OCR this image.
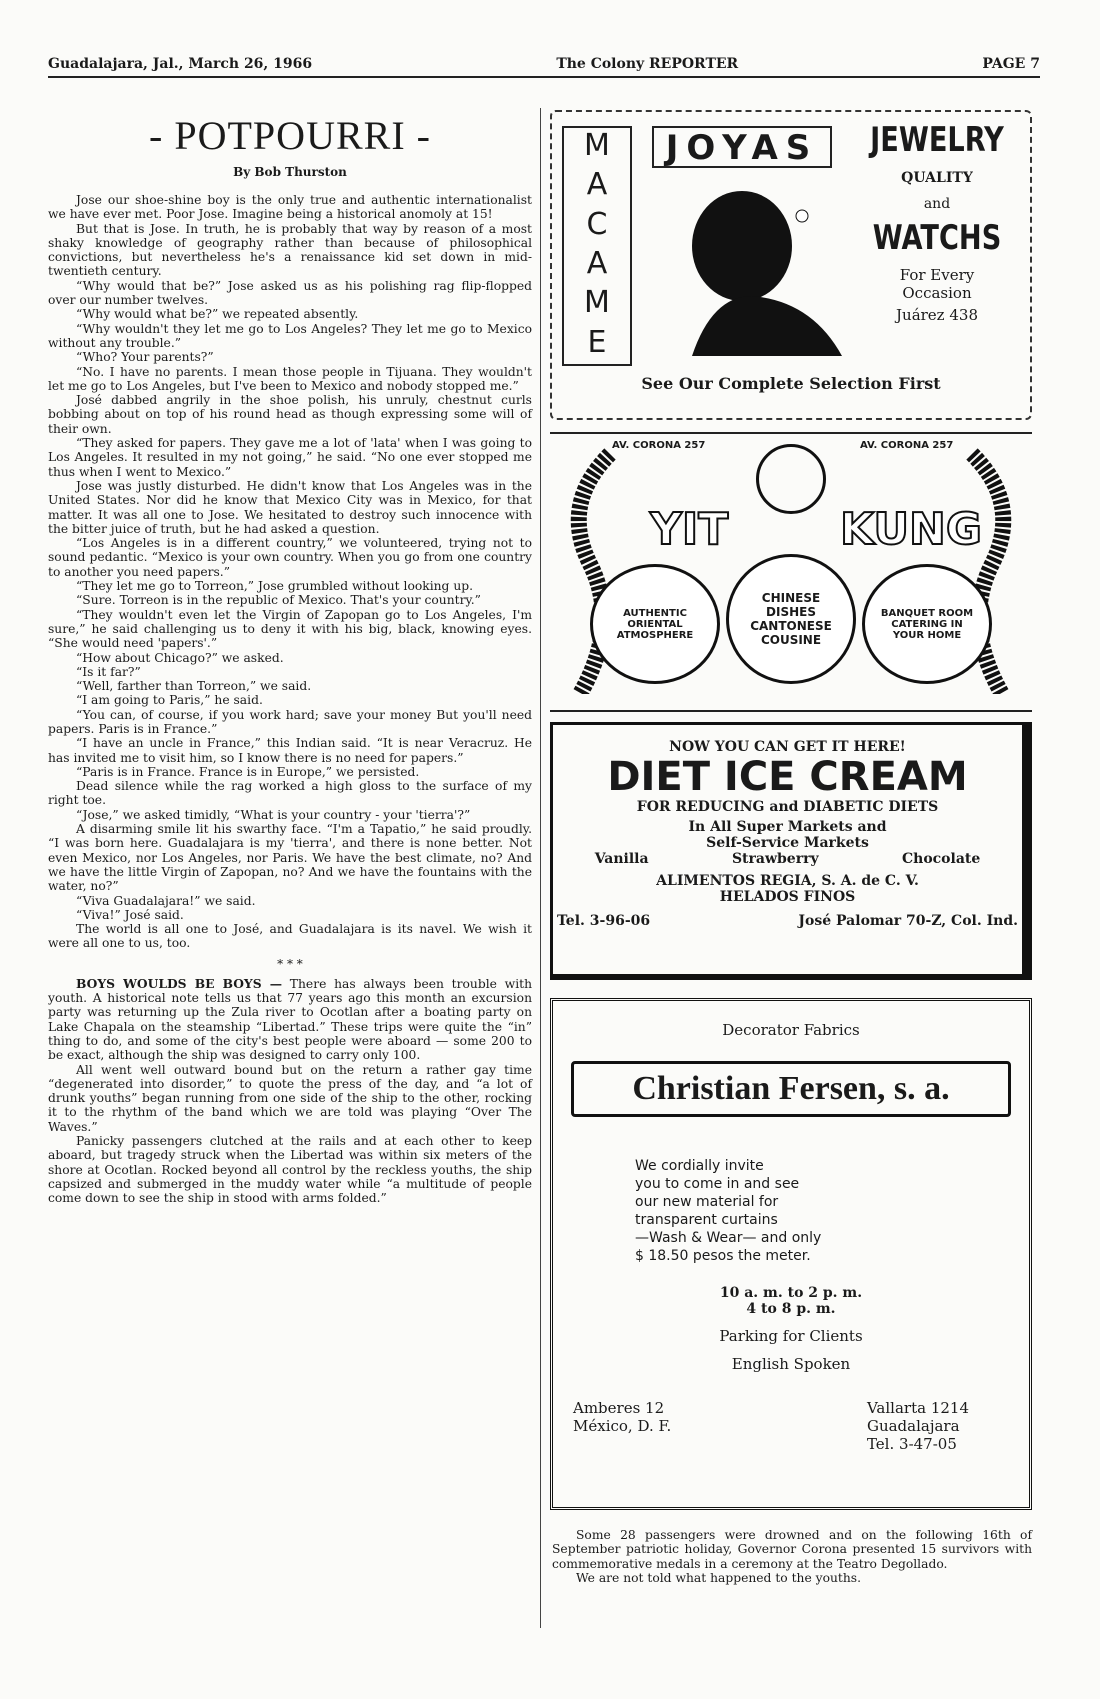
Guadalajara, Jal., March 26, 1966	The Colony REPORTER	PAGE 7
- POTPOURRI -
By Bob Thurston

Jose our shoe-shine boy is the only true and authentic internationalist we have ever met. Poor Jose. Imagine being a historical anomoly at 15!

But that is Jose. In truth, he is probably that way by reason of a most shaky knowledge of geography rather than because of philosophical convictions, but nevertheless he's a renaissance kid set down in mid-twentieth century.

“Why would that be?” Jose asked us as his polishing rag flip-flopped over our number twelves.

“Why would what be?” we repeated absently.

“Why wouldn't they let me go to Los Angeles? They let me go to Mexico without any trouble.”

“Who? Your parents?”

“No. I have no parents. I mean those people in Tijuana. They wouldn't let me go to Los Angeles, but I've been to Mexico and nobody stopped me.”

José dabbed angrily in the shoe polish, his unruly, chestnut curls bobbing about on top of his round head as though expressing some will of their own.

“They asked for papers. They gave me a lot of 'lata' when I was going to Los Angeles. It resulted in my not going,” he said. “No one ever stopped me thus when I went to Mexico.”

Jose was justly disturbed. He didn't know that Los Angeles was in the United States. Nor did he know that Mexico City was in Mexico, for that matter. It was all one to Jose. We hesitated to destroy such innocence with the bitter juice of truth, but he had asked a question.

“Los Angeles is in a different country,” we volunteered, trying not to sound pedantic. “Mexico is your own country. When you go from one country to another you need papers.”

“They let me go to Torreon,” Jose grumbled without looking up.

“Sure. Torreon is in the republic of Mexico. That's your country.”

“They wouldn't even let the Virgin of Zapopan go to Los Angeles, I'm sure,” he said challenging us to deny it with his big, black, knowing eyes. “She would need 'papers'.”

“How about Chicago?” we asked.

“Is it far?”

“Well, farther than Torreon,” we said.

“I am going to Paris,” he said.

“You can, of course, if you work hard; save your money But you'll need papers. Paris is in France.”

“I have an uncle in France,” this Indian said. “It is near Veracruz. He has invited me to visit him, so I know there is no need for papers.”

“Paris is in France. France is in Europe,” we persisted.

Dead silence while the rag worked a high gloss to the surface of my right toe.

“Jose,” we asked timidly, “What is your country - your 'tierra'?”

A disarming smile lit his swarthy face. “I'm a Tapatio,” he said proudly. “I was born here. Guadalajara is my 'tierra', and there is none better. Not even Mexico, nor Los Angeles, nor Paris. We have the best climate, no? And we have the little Virgin of Zapopan, no? And we have the fountains with the water, no?”

“Viva Guadalajara!” we said.

“Viva!” José said.

The world is all one to José, and Guadalajara is its navel. We wish it were all one to us, too.

* * *

BOYS WOULDS BE BOYS — There has always been trouble with youth. A historical note tells us that 77 years ago this month an excursion party was returning up the Zula river to Ocotlan after a boating party on Lake Chapala on the steamship “Libertad.” These trips were quite the “in” thing to do, and some of the city's best people were aboard — some 200 to be exact, although the ship was designed to carry only 100.

All went well outward bound but on the return a rather gay time “degenerated into disorder,” to quote the press of the day, and “a lot of drunk youths” began running from one side of the ship to the other, rocking it to the rhythm of the band which we are told was playing “Over The Waves.”

Panicky passengers clutched at the rails and at each other to keep aboard, but tragedy struck when the Libertad was within six meters of the shore at Ocotlan. Rocked beyond all control by the reckless youths, the ship capsized and submerged in the muddy water while “a multitude of people come down to see the ship in stood with arms folded.”

M
A
C
A
M
E
JOYAS	JEWELRY
QUALITY
and
WATCHS
For Every
Occasion
Juárez 438
See Our Complete Selection First
AV. CORONA 257	AV. CORONA 257
YIT	KUNG
AUTHENTIC ORIENTAL ATMOSPHERE
CHINESE DISHES CANTONESE COUSINE
BANQUET ROOM CATERING IN YOUR HOME
NOW YOU CAN GET IT HERE!
DIET ICE CREAM
FOR REDUCING and DIABETIC DIETS
In All Super Markets and
Self-Service Markets
Vanilla	Strawberry	Chocolate
ALIMENTOS REGIA, S. A. de C. V.
HELADOS FINOS
Tel. 3-96-06	José Palomar 70-Z, Col. Ind.
Decorator Fabrics
Christian Fersen, s. a.
We cordially invite
you to come in and see
our new material for
transparent curtains
—Wash & Wear— and only
$ 18.50 pesos the meter.
10 a. m. to 2 p. m.
4 to 8 p. m.
Parking for Clients
English Spoken
Amberes 12
México, D. F.
Vallarta 1214
Guadalajara
Tel. 3-47-05

Some 28 passengers were drowned and on the following 16th of September patriotic holiday, Governor Corona presented 15 survivors with commemorative medals in a ceremony at the Teatro Degollado.

We are not told what happened to the youths.
